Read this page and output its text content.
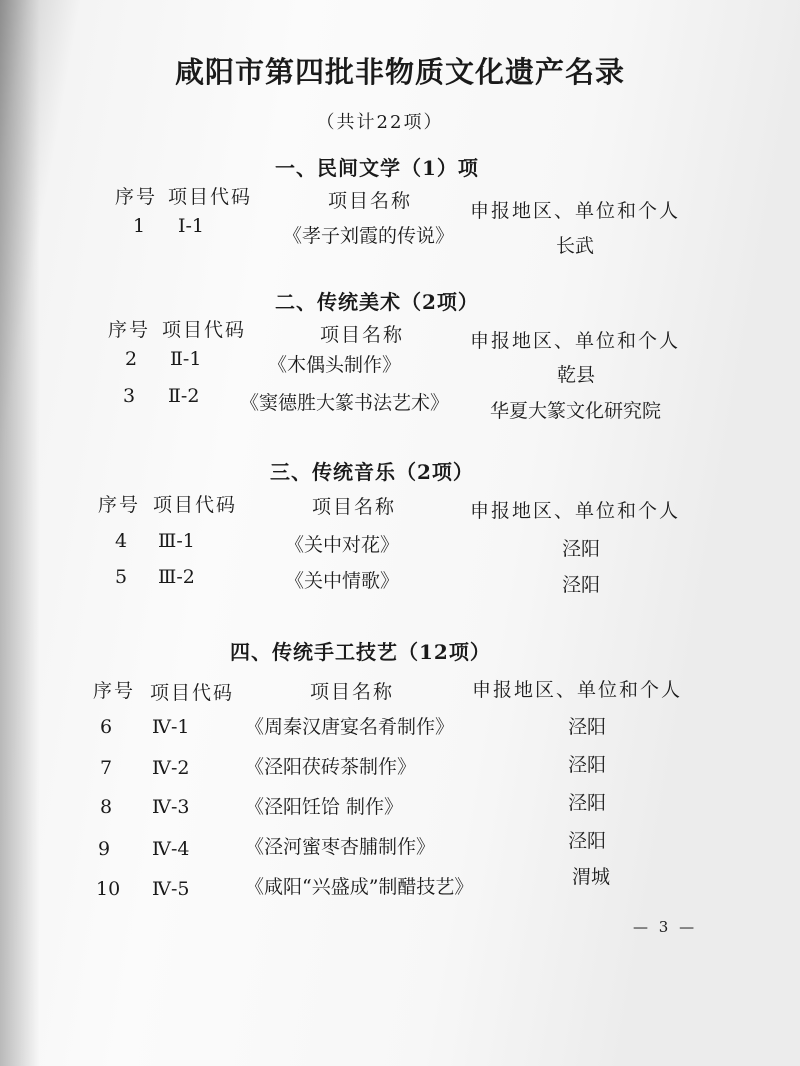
咸阳市第四批非物质文化遗产名录
（共计22项）
一、民间文学（1）项
序号 项目代码	项目名称	申报地区、单位和个人
1 Ⅰ-1	《孝子刘霞的传说》	长武
二、传统美术（2项）
序号 项目代码	项目名称	申报地区、单位和个人
2 Ⅱ-1	《木偶头制作》	乾县
3 Ⅱ-2 《窦德胜大篆书法艺术》 华夏大篆文化研究院
三、传统音乐（2项）
序号 项目代码	项目名称	申报地区、单位和个人
4 Ⅲ-1	《关中对花》	泾阳
5 Ⅲ-2	《关中情歌》	泾阳
四、传统手工技艺（12项）
序号 项目代码	项目名称	申报地区、单位和个人
6 Ⅳ-1	《周秦汉唐宴名肴制作》	泾阳
7 Ⅳ-2	《泾阳茯砖茶制作》	泾阳
8 Ⅳ-3	《泾阳饪饸 制作》	泾阳
9 Ⅳ-4	《泾河蜜枣杏脯制作》	泾阳
10 Ⅳ-5	《咸阳“兴盛成”制醋技艺》	渭城
— 3 —
